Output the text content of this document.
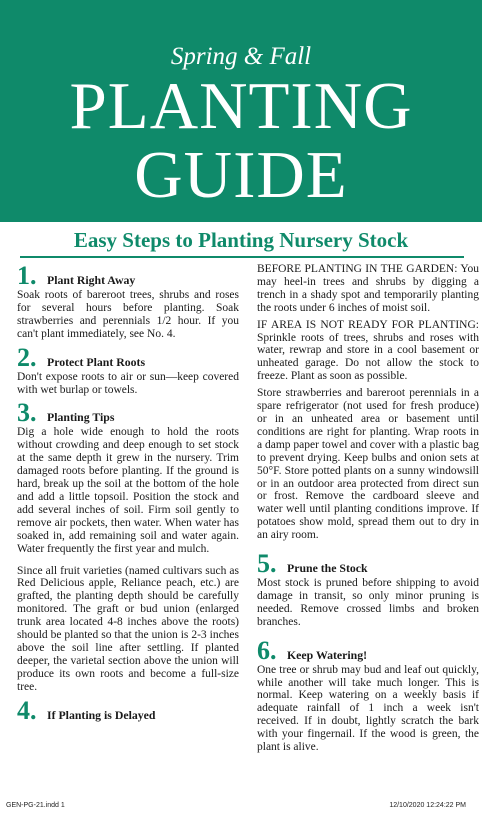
Spring & Fall
PLANTING
GUIDE
Easy Steps to Planting Nursery Stock
1. Plant Right Away

Soak roots of bareroot trees, shrubs and roses for several hours before planting. Soak strawberries and perennials 1/2 hour. If you can't plant immediately, see No. 4.

2. Protect Plant Roots

Don't expose roots to air or sun—keep covered with wet burlap or towels.

3. Planting Tips

Dig a hole wide enough to hold the roots without crowding and deep enough to set stock at the same depth it grew in the nursery. Trim damaged roots before planting. If the ground is hard, break up the soil at the bottom of the hole and add a little topsoil. Position the stock and add several inches of soil. Firm soil gently to remove air pockets, then water. When water has soaked in, add remaining soil and water again. Water frequently the first year and mulch.

Since all fruit varieties (named cultivars such as Red Delicious apple, Reliance peach, etc.) are grafted, the planting depth should be carefully monitored. The graft or bud union (enlarged trunk area located 4-8 inches above the roots) should be planted so that the union is 2-3 inches above the soil line after settling. If planted deeper, the varietal section above the union will produce its own roots and become a full-size tree.

4. If Planting is Delayed

BEFORE PLANTING IN THE GARDEN: You may heel-in trees and shrubs by digging a trench in a shady spot and temporarily planting the roots under 6 inches of moist soil.

IF AREA IS NOT READY FOR PLANTING: Sprinkle roots of trees, shrubs and roses with water, rewrap and store in a cool basement or unheated garage. Do not allow the stock to freeze. Plant as soon as possible.

Store strawberries and bareroot perennials in a spare refrigerator (not used for fresh produce) or in an unheated area or basement until conditions are right for planting. Wrap roots in a damp paper towel and cover with a plastic bag to prevent drying. Keep bulbs and onion sets at 50°F. Store potted plants on a sunny windowsill or in an outdoor area protected from direct sun or frost. Remove the cardboard sleeve and water well until planting conditions improve. If potatoes show mold, spread them out to dry in an airy room.

5. Prune the Stock

Most stock is pruned before shipping to avoid damage in transit, so only minor pruning is needed. Remove crossed limbs and broken branches.

6. Keep Watering!

One tree or shrub may bud and leaf out quickly, while another will take much longer. This is normal. Keep watering on a weekly basis if adequate rainfall of 1 inch a week isn't received. If in doubt, lightly scratch the bark with your fingernail. If the wood is green, the plant is alive.

GEN-PG-21.indd 1	12/10/2020 12:24:22 PM
